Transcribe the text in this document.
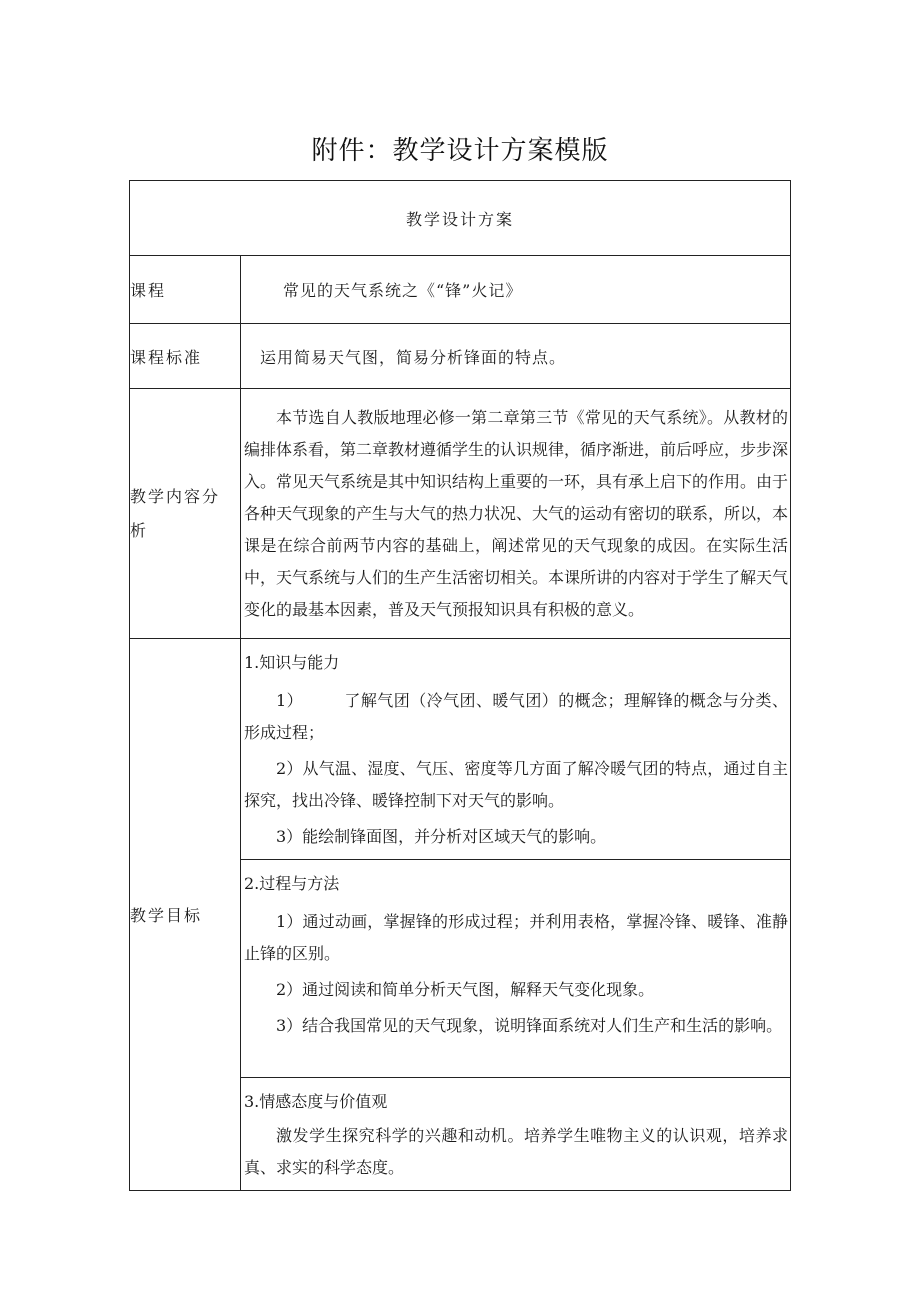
附件：教学设计方案模版
教学设计方案	
课程	常见的天气系统之《“锋”火记》

课程标准	运用简易天气图，简易分析锋面的特点。

教学内容分析	本节选自人教版地理必修一第二章第三节《常见的天气系统》。从教材的编排体系看，第二章教材遵循学生的认识规律，循序渐进，前后呼应，步步深入。常见天气系统是其中知识结构上重要的一环，具有承上启下的作用。由于各种天气现象的产生与大气的热力状况、大气的运动有密切的联系，所以，本课是在综合前两节内容的基础上，阐述常见的天气现象的成因。在实际生活中，天气系统与人们的生产生活密切相关。本课所讲的内容对于学生了解天气变化的最基本因素，普及天气预报知识具有积极的意义。

教学目标	1.知识与能力
1）　　　了解气团（冷气团、暖气团）的概念；理解锋的概念与分类、形成过程；
2）从气温、湿度、气压、密度等几方面了解冷暖气团的特点，通过自主探究，找出冷锋、暖锋控制下对天气的影响。
3）能绘制锋面图，并分析对区域天气的影响。

	2.过程与方法
1）通过动画，掌握锋的形成过程；并利用表格，掌握冷锋、暖锋、准静止锋的区别。
2）通过阅读和简单分析天气图，解释天气变化现象。
3）结合我国常见的天气现象，说明锋面系统对人们生产和生活的影响。

	3.情感态度与价值观
激发学生探究科学的兴趣和动机。培养学生唯物主义的认识观，培养求真、求实的科学态度。
